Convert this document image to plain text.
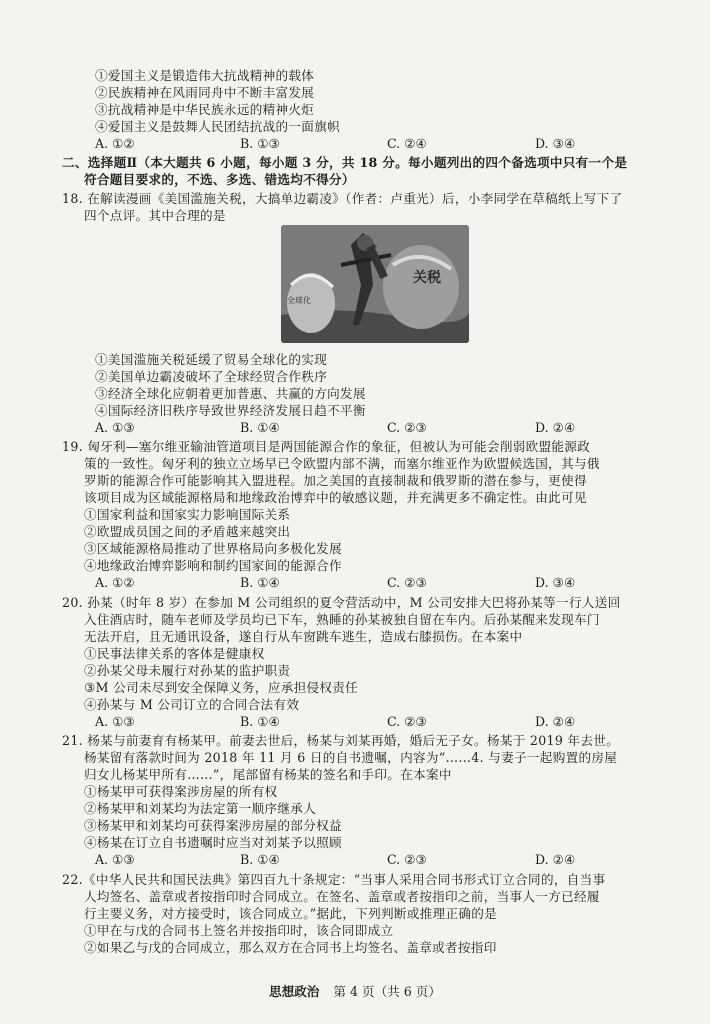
①爱国主义是锻造伟大抗战精神的载体
②民族精神在风雨同舟中不断丰富发展
③抗战精神是中华民族永远的精神火炬
④爱国主义是鼓舞人民团结抗战的一面旗帜
A. ①②	B. ①③	C. ②④	D. ③④
二、选择题Ⅱ（本大题共 6 小题，每小题 3 分，共 18 分。每小题列出的四个备选项中只有一个是
符合题目要求的，不选、多选、错选均不得分）
18. 在解读漫画《美国滥施关税，大搞单边霸凌》（作者：卢重光）后，小李同学在草稿纸上写下了
四个点评。其中合理的是
关税
全球化
①美国滥施关税延缓了贸易全球化的实现
②美国单边霸凌破坏了全球经贸合作秩序
③经济全球化应朝着更加普惠、共赢的方向发展
④国际经济旧秩序导致世界经济发展日趋不平衡
A. ①③	B. ①④	C. ②③	D. ②④
19. 匈牙利—塞尔维亚输油管道项目是两国能源合作的象征，但被认为可能会削弱欧盟能源政
策的一致性。匈牙利的独立立场早已令欧盟内部不满，而塞尔维亚作为欧盟候选国，其与俄
罗斯的能源合作可能影响其入盟进程。加之美国的直接制裁和俄罗斯的潜在参与，更使得
该项目成为区域能源格局和地缘政治博弈中的敏感议题，并充满更多不确定性。由此可见
①国家利益和国家实力影响国际关系
②欧盟成员国之间的矛盾越来越突出
③区域能源格局推动了世界格局向多极化发展
④地缘政治博弈影响和制约国家间的能源合作
A. ①②	B. ①④	C. ②③	D. ③④
20. 孙某（时年 8 岁）在参加 M 公司组织的夏令营活动中，M 公司安排大巴将孙某等一行人送回
入住酒店时，随车老师及学员均已下车，熟睡的孙某被独自留在车内。后孙某醒来发现车门
无法开启，且无通讯设备，遂自行从车窗跳车逃生，造成右膝损伤。在本案中
①民事法律关系的客体是健康权
②孙某父母未履行对孙某的监护职责
③M 公司未尽到安全保障义务，应承担侵权责任
④孙某与 M 公司订立的合同合法有效
A. ①③	B. ①④	C. ②③	D. ②④
21. 杨某与前妻育有杨某甲。前妻去世后，杨某与刘某再婚，婚后无子女。杨某于 2019 年去世。
杨某留有落款时间为 2018 年 11 月 6 日的自书遗嘱，内容为“……4. 与妻子一起购置的房屋
归女儿杨某甲所有……”，尾部留有杨某的签名和手印。在本案中
①杨某甲可获得案涉房屋的所有权
②杨某甲和刘某均为法定第一顺序继承人
③杨某甲和刘某均可获得案涉房屋的部分权益
④杨某在订立自书遗嘱时应当对刘某予以照顾
A. ①③	B. ①④	C. ②③	D. ②④
22.《中华人民共和国民法典》第四百九十条规定：“当事人采用合同书形式订立合同的，自当事
人均签名、盖章或者按指印时合同成立。在签名、盖章或者按指印之前，当事人一方已经履
行主要义务，对方接受时，该合同成立。”据此，下列判断或推理正确的是
①甲在与戊的合同书上签名并按指印时，该合同即成立
②如果乙与戊的合同成立，那么双方在合同书上均签名、盖章或者按指印
思想政治 第 4 页（共 6 页）
